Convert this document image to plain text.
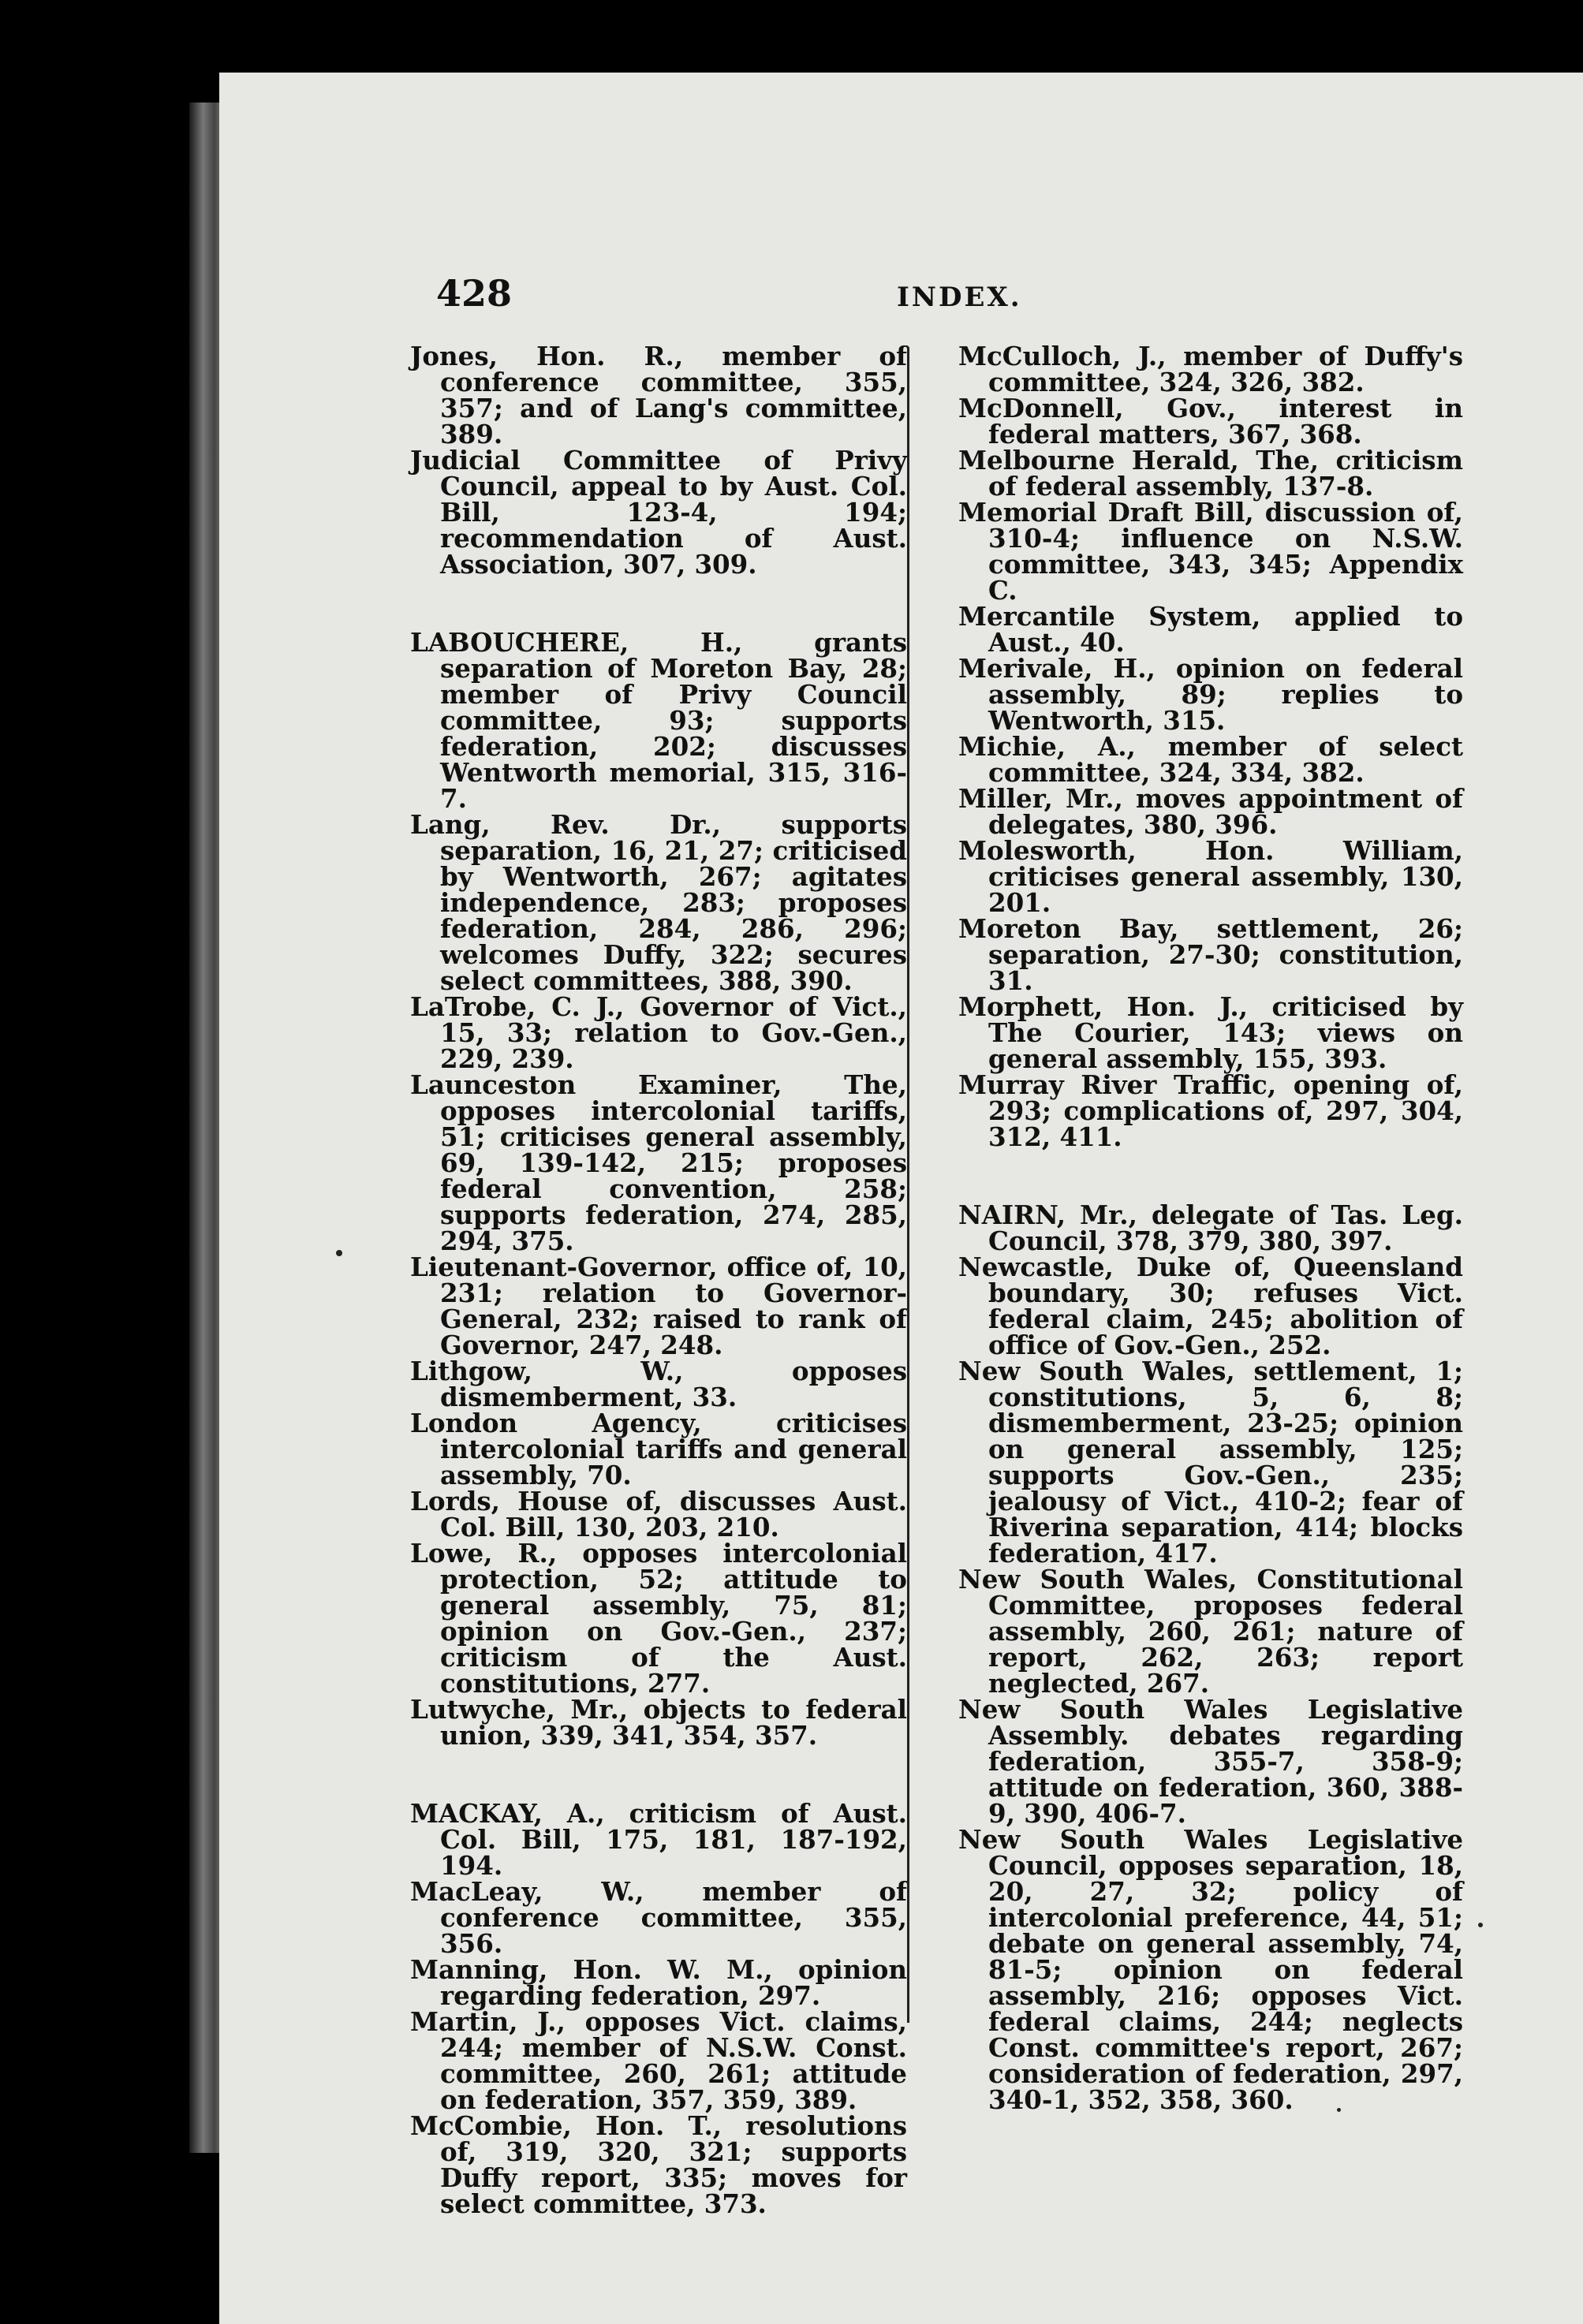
428	INDEX.

Jones, Hon. R., member of conference committee, 355, 357; and of Lang's committee, 389.

Judicial Committee of Privy Council, appeal to by Aust. Col. Bill, 123-4, 194; recommendation of Aust. Association, 307, 309.

LABOUCHERE, H., grants separation of Moreton Bay, 28; member of Privy Council committee, 93; supports federation, 202; discusses Wentworth memorial, 315, 316-7.

Lang, Rev. Dr., supports separation, 16, 21, 27; criticised by Wentworth, 267; agitates independence, 283; proposes federation, 284, 286, 296; welcomes Duffy, 322; secures select committees, 388, 390.

LaTrobe, C. J., Governor of Vict., 15, 33; relation to Gov.-Gen., 229, 239.

Launceston Examiner, The, opposes intercolonial tariffs, 51; criticises general assembly, 69, 139-142, 215; proposes federal convention, 258; supports federation, 274, 285, 294, 375.

Lieutenant-Governor, office of, 10, 231; relation to Governor-General, 232; raised to rank of Governor, 247, 248.

Lithgow, W., opposes dismemberment, 33.

London Agency, criticises intercolonial tariffs and general assembly, 70.

Lords, House of, discusses Aust. Col. Bill, 130, 203, 210.

Lowe, R., opposes intercolonial protection, 52; attitude to general assembly, 75, 81; opinion on Gov.-Gen., 237; criticism of the Aust. constitutions, 277.

Lutwyche, Mr., objects to federal union, 339, 341, 354, 357.

MACKAY, A., criticism of Aust. Col. Bill, 175, 181, 187-192, 194.

MacLeay, W., member of conference committee, 355, 356.

Manning, Hon. W. M., opinion regarding federation, 297.

Martin, J., opposes Vict. claims, 244; member of N.S.W. Const. committee, 260, 261; attitude on federation, 357, 359, 389.

McCombie, Hon. T., resolutions of, 319, 320, 321; supports Duffy report, 335; moves for select committee, 373.

McCulloch, J., member of Duffy's committee, 324, 326, 382.

McDonnell, Gov., interest in federal matters, 367, 368.

Melbourne Herald, The, criticism of federal assembly, 137-8.

Memorial Draft Bill, discussion of, 310-4; influence on N.S.W. committee, 343, 345; Appendix C.

Mercantile System, applied to Aust., 40.

Merivale, H., opinion on federal assembly, 89; replies to Wentworth, 315.

Michie, A., member of select committee, 324, 334, 382.

Miller, Mr., moves appointment of delegates, 380, 396.

Molesworth, Hon. William, criticises general assembly, 130, 201.

Moreton Bay, settlement, 26; separation, 27-30; constitution, 31.

Morphett, Hon. J., criticised by The Courier, 143; views on general assembly, 155, 393.

Murray River Traffic, opening of, 293; complications of, 297, 304, 312, 411.

NAIRN, Mr., delegate of Tas. Leg. Council, 378, 379, 380, 397.

Newcastle, Duke of, Queensland boundary, 30; refuses Vict. federal claim, 245; abolition of office of Gov.-Gen., 252.

New South Wales, settlement, 1; constitutions, 5, 6, 8; dismemberment, 23-25; opinion on general assembly, 125; supports Gov.-Gen., 235; jealousy of Vict., 410-2; fear of Riverina separation, 414; blocks federation, 417.

New South Wales, Constitutional Committee, proposes federal assembly, 260, 261; nature of report, 262, 263; report neglected, 267.

New South Wales Legislative Assembly. debates regarding federation, 355-7, 358-9; attitude on federation, 360, 388-9, 390, 406-7.

New South Wales Legislative Council, opposes separation, 18, 20, 27, 32; policy of intercolonial preference, 44, 51; debate on general assembly, 74, 81-5; opinion on federal assembly, 216; opposes Vict. federal claims, 244; neglects Const. committee's report, 267; consideration of federation, 297, 340-1, 352, 358, 360.
